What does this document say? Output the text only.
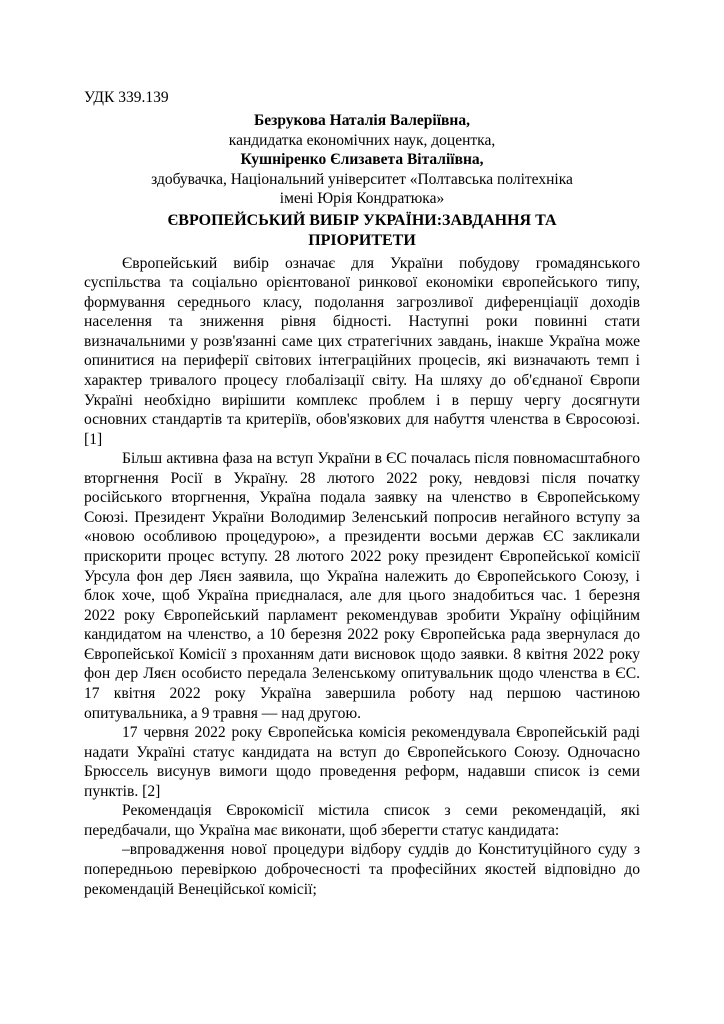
УДК 339.139
Безрукова Наталія Валеріївна,
кандидатка економічних наук, доцентка,
Кушніренко Єлизавета Віталіївна,
здобувачка, Національний університет «Полтавська політехніка
імені Юрія Кондратюка»
ЄВРОПЕЙСЬКИЙ ВИБІР УКРАЇНИ:ЗАВДАННЯ ТА
ПРІОРИТЕТИ

Європейський вибір означає для України побудову громадянського суспільства та соціально орієнтованої ринкової економіки європейського типу, формування середнього класу, подолання загрозливої диференціації доходів населення та зниження рівня бідності. Наступні роки повинні стати визначальними у розв'язанні саме цих стратегічних завдань, інакше Україна може опинитися на периферії світових інтеграційних процесів, які визначають темп і характер тривалого процесу глобалізації світу. На шляху до об'єднаної Європи Україні необхідно вирішити комплекс проблем і в першу чергу досягнути основних стандартів та критеріїв, обов'язкових для набуття членства в Євросоюзі.[1]

Більш активна фаза на вступ України в ЄС почалась після повномасштабного вторгнення Росії в Україну. 28 лютого 2022 року, невдовзі після початку російського вторгнення, Україна подала заявку на членство в Європейському Союзі. Президент України Володимир Зеленський попросив негайного вступу за «новою особливою процедурою», а президенти восьми держав ЄС закликали прискорити процес вступу. 28 лютого 2022 року президент Європейської комісії Урсула фон дер Ляєн заявила, що Україна належить до Європейського Союзу, і блок хоче, щоб Україна приєдналася, але для цього знадобиться час. 1 березня 2022 року Європейський парламент рекомендував зробити Україну офіційним кандидатом на членство, а 10 березня 2022 року Європейська рада звернулася до Європейської Комісії з проханням дати висновок щодо заявки. 8 квітня 2022 року фон дер Ляєн особисто передала Зеленському опитувальник щодо членства в ЄС. 17 квітня 2022 року Україна завершила роботу над першою частиною опитувальника, а 9 травня — над другою.

17 червня 2022 року Європейська комісія рекомендувала Європейській раді надати Україні статус кандидата на вступ до Європейського Союзу. Одночасно Брюссель висунув вимоги щодо проведення реформ, надавши список із семи пунктів. [2]

Рекомендація Єврокомісії містила список з семи рекомендацій, які передбачали, що Україна має виконати, щоб зберегти статус кандидата:

–впровадження нової процедури відбору суддів до Конституційного суду з попередньою перевіркою доброчесності та професійних якостей відповідно до рекомендацій Венеційської комісії;
